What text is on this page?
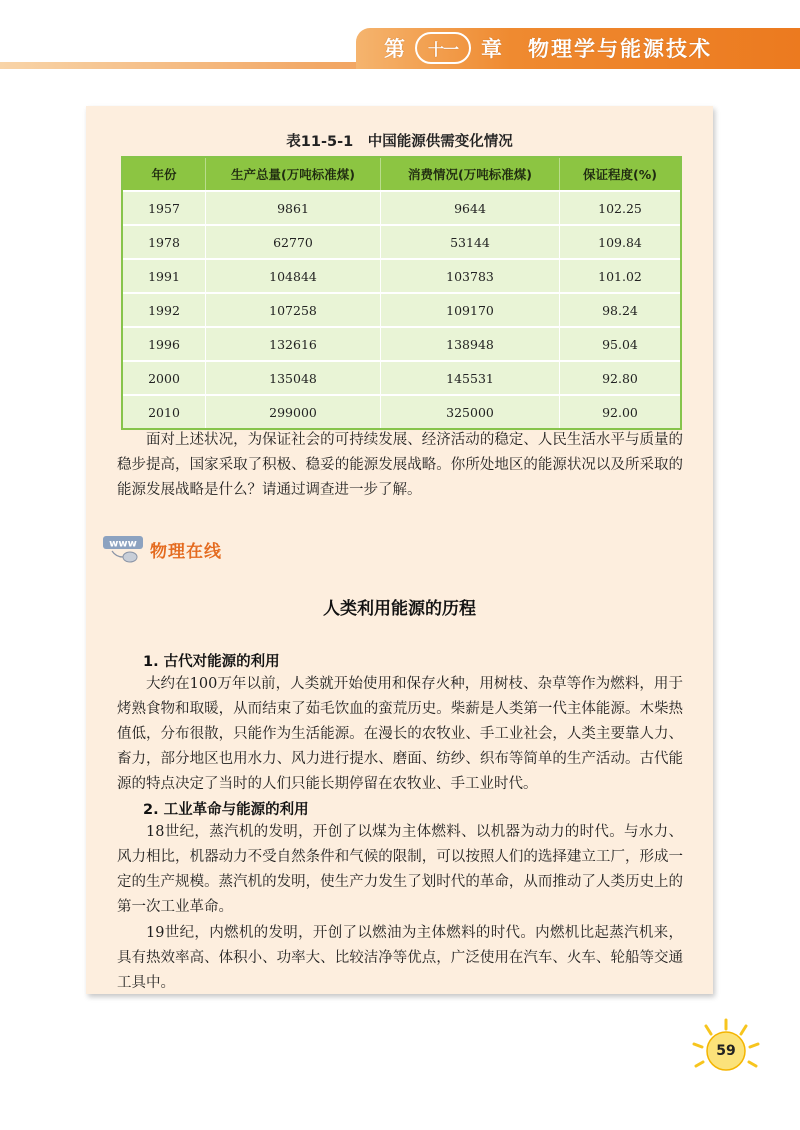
第	十一	章 物理学与能源技术
表11-5-1　中国能源供需变化情况
年份	生产总量(万吨标准煤)	消费情况(万吨标准煤)	保证程度(%)
1957	9861	9644	102.25
1978	62770	53144	109.84
1991	104844	103783	101.02
1992	107258	109170	98.24
1996	132616	138948	95.04
2000	135048	145531	92.80
2010	299000	325000	92.00

面对上述状况，为保证社会的可持续发展、经济活动的稳定、人民生活水平与质量的稳步提高，国家采取了积极、稳妥的能源发展战略。你所处地区的能源状况以及所采取的能源发展战略是什么？请通过调查进一步了解。

www 物理在线
人类利用能源的历程
1. 古代对能源的利用

大约在100万年以前，人类就开始使用和保存火种，用树枝、杂草等作为燃料，用于烤熟食物和取暖，从而结束了茹毛饮血的蛮荒历史。柴薪是人类第一代主体能源。木柴热值低，分布很散，只能作为生活能源。在漫长的农牧业、手工业社会，人类主要靠人力、畜力，部分地区也用水力、风力进行提水、磨面、纺纱、织布等简单的生产活动。古代能源的特点决定了当时的人们只能长期停留在农牧业、手工业时代。

2. 工业革命与能源的利用

18世纪，蒸汽机的发明，开创了以煤为主体燃料、以机器为动力的时代。与水力、风力相比，机器动力不受自然条件和气候的限制，可以按照人们的选择建立工厂，形成一定的生产规模。蒸汽机的发明，使生产力发生了划时代的革命，从而推动了人类历史上的第一次工业革命。

19世纪，内燃机的发明，开创了以燃油为主体燃料的时代。内燃机比起蒸汽机来，具有热效率高、体积小、功率大、比较洁净等优点，广泛使用在汽车、火车、轮船等交通工具中。

59
